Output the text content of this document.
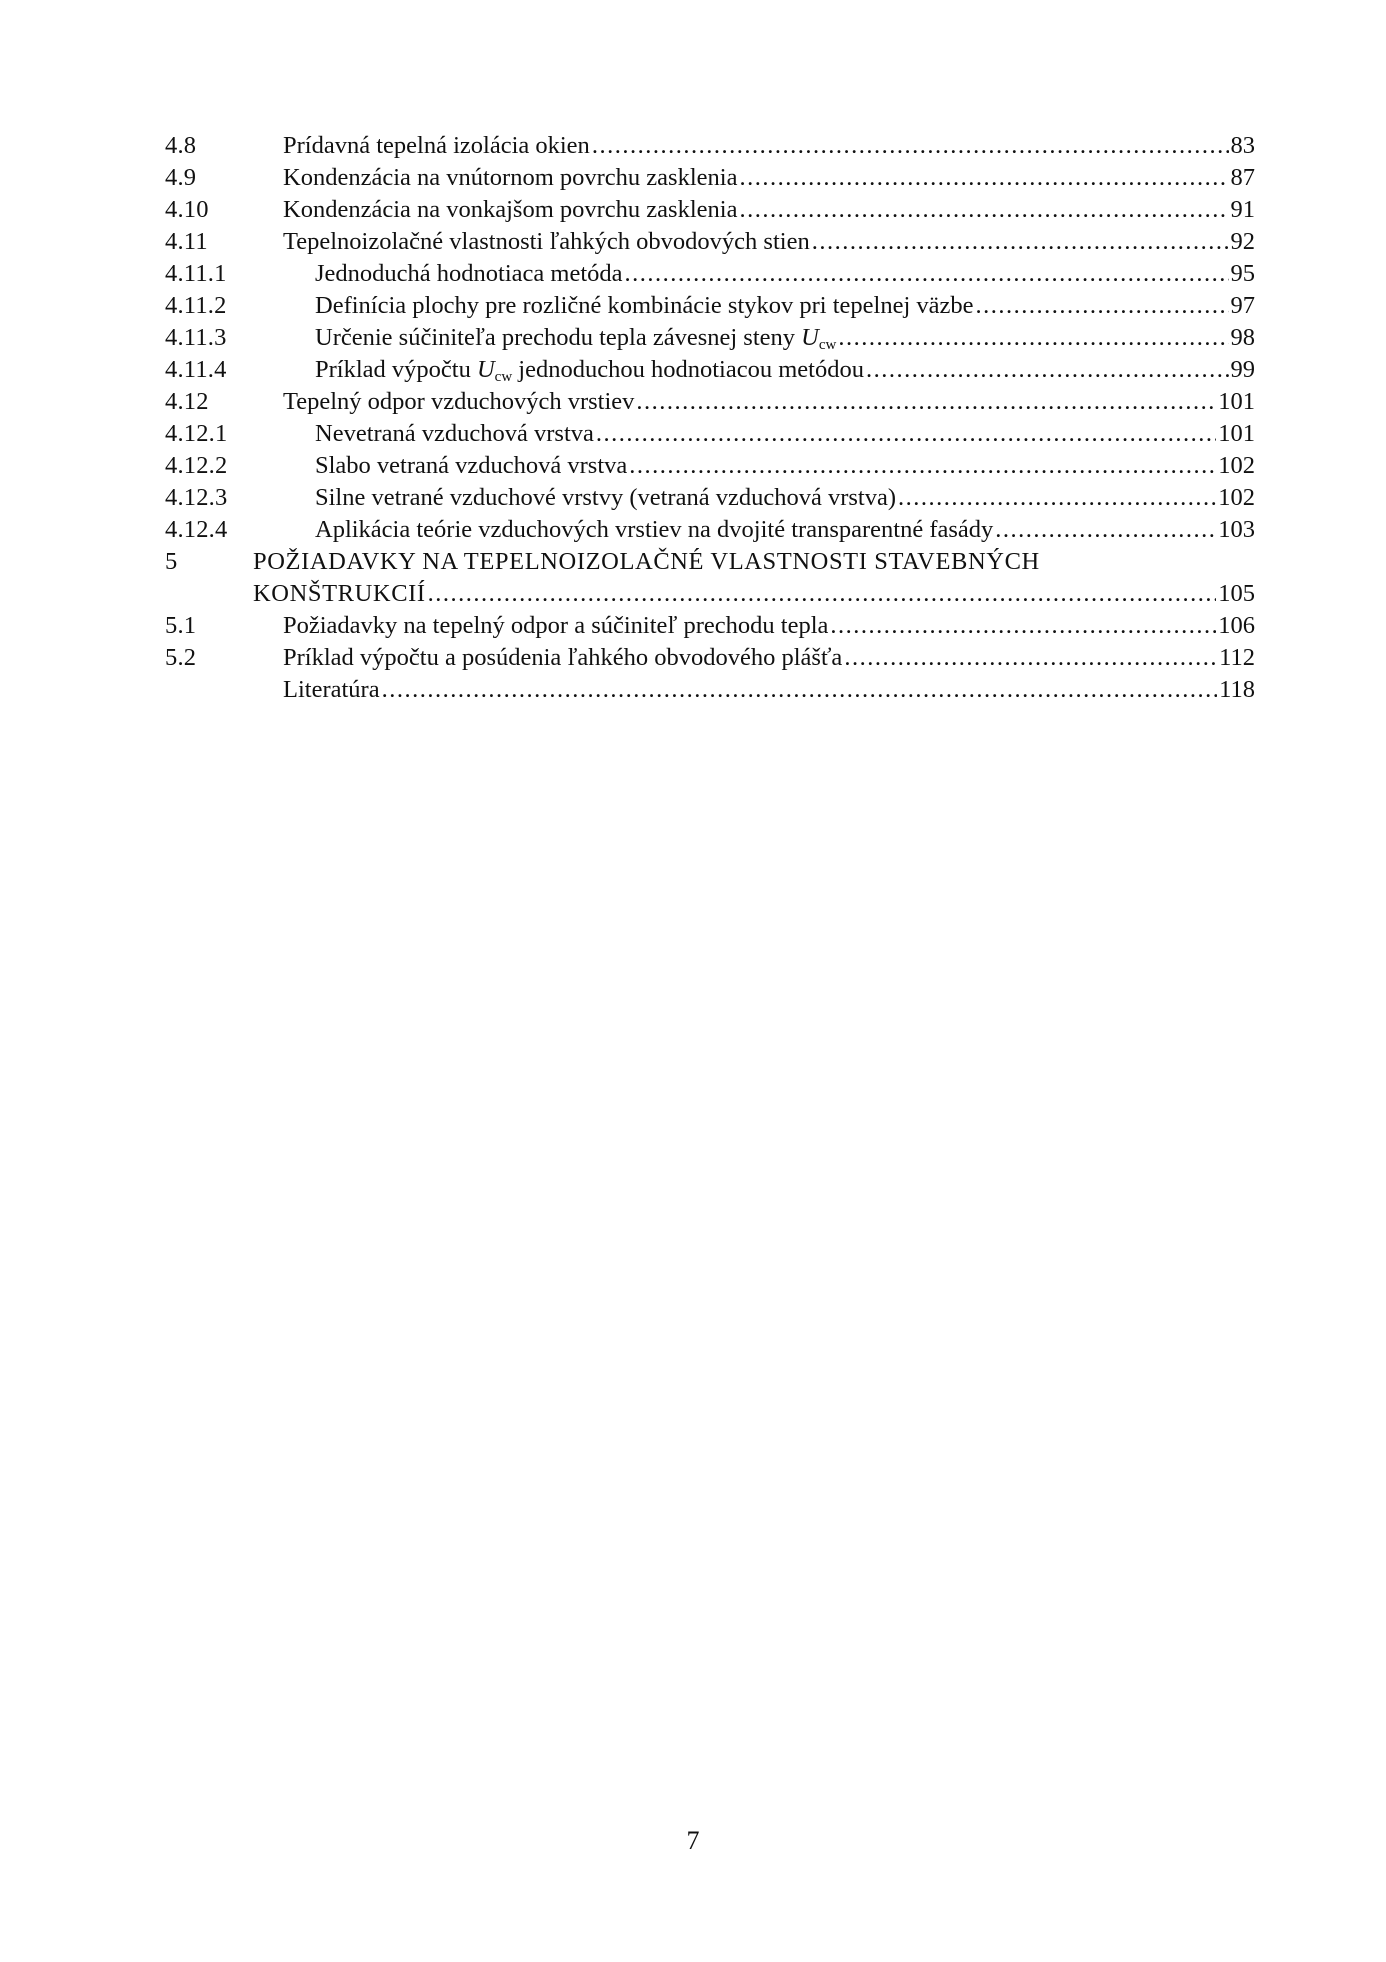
4.8	Prídavná tepelná izolácia okien .....	83
4.9	Kondenzácia na vnútornom povrchu zasklenia .....	87
4.10	Kondenzácia na vonkajšom povrchu zasklenia .....	91
4.11	Tepelnoizolačné vlastnosti ľahkých obvodových stien .....	92
4.11.1	Jednoduchá hodnotiaca metóda .....	95
4.11.2	Definícia plochy pre rozličné kombinácie stykov pri tepelnej väzbe .....	97
4.11.3	Určenie súčiniteľa prechodu tepla závesnej steny $U_{cw}$ .....	98
4.11.4	Príklad výpočtu $U_{cw}$ jednoduchou hodnotiacou metódou .....	99
4.12	Tepelný odpor vzduchových vrstiev .....	101
4.12.1	Nevetraná vzduchová vrstva .....	101
4.12.2	Slabo vetraná vzduchová vrstva .....	102
4.12.3	Silne vetrané vzduchové vrstvy (vetraná vzduchová vrstva) .....	102
4.12.4	Aplikácia teórie vzduchových vrstiev na dvojité transparentné fasády .....	103
5	POŽIADAVKY NA TEPELNOIZOLAČNÉ VLASTNOSTI STAVEBNÝCH
KONŠTRUKCIÍ .....	105
5.1	Požiadavky na tepelný odpor a súčiniteľ prechodu tepla .....	106
5.2	Príklad výpočtu a posúdenia ľahkého obvodového plášťa .....	112
Literatúra .....	118
7
